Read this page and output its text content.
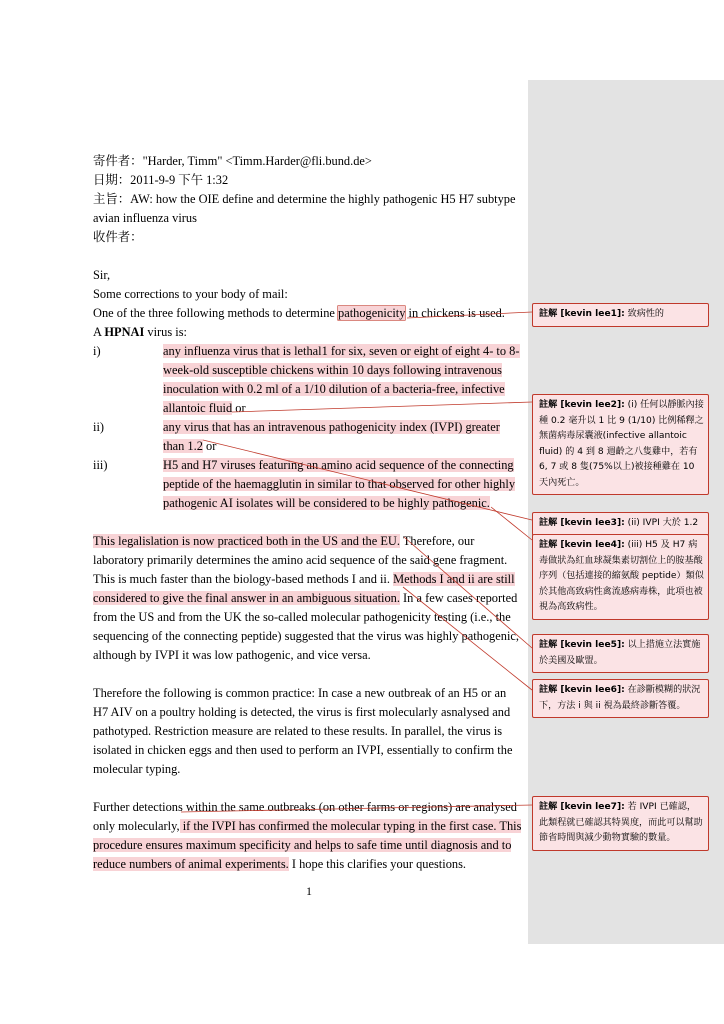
寄件者："Harder, Timm" <Timm.Harder@fli.bund.de>

日期：2011-9-9 下午 1:32

主旨：AW: how the OIE define and determine the highly pathogenic H5 H7 subtype avian influenza virus

收件者：

Sir,

Some corrections to your body of mail:

One of the three following methods to determine pathogenicity in chickens is used.

A HPNAI virus is:

i)	any influenza virus that is lethal1 for six, seven or eight of eight 4- to 8-week-old susceptible chickens within 10 days following intravenous inoculation with 0.2 ml of a 1/10 dilution of a bacteria-free, infective allantoic fluid or
ii)	any virus that has an intravenous pathogenicity index (IVPI) greater than 1.2 or
iii)	H5 and H7 viruses featuring an amino acid sequence of the connecting peptide of the haemagglutin in similar to that observed for other highly pathogenic AI isolates will be considered to be highly pathogenic.

This legalislation is now practiced both in the US and the EU. Therefore, our laboratory primarily determines the amino acid sequence of the said gene fragment. This is much faster than the biology-based methods I and ii. Methods I and ii are still considered to give the final answer in an ambiguous situation. In a few cases reported from the US and from the UK the so-called molecular pathogenicity testing (i.e., the sequencing of the connecting peptide) suggested that the virus was highly pathogenic, although by IVPI it was low pathogenic, and vice versa.

Therefore the following is common practice: In case a new outbreak of an H5 or an H7 AIV on a poultry holding is detected, the virus is first molecularly asnalysed and pathotyped. Restriction measure are related to these results. In parallel, the virus is isolated in chicken eggs and then used to perform an IVPI, essentially to confirm the molecular typing.

Further detections within the same outbreaks (on other farms or regions) are analysed only molecularly, if the IVPI has confirmed the molecular typing in the first case. This procedure ensures maximum specificity and helps to safe time until diagnosis and to reduce numbers of animal experiments. I hope this clarifies your questions.

1
註解 [kevin lee1]: 致病性的
註解 [kevin lee2]: (i) 任何以靜脈內接種 0.2 毫升以 1 比 9 (1/10) 比例稀釋之無菌病毒尿囊液(infective allantoic fluid) 的 4 到 8 週齡之八隻雞中，若有 6, 7 或 8 隻(75%以上)被接種雞在 10 天內死亡。
註解 [kevin lee3]: (ii) IVPI 大於 1.2
註解 [kevin lee4]: (iii) H5 及 H7 病毒做狀為紅血球凝集素切割位上的胺基酸序列（包括連接的縮氨酸 peptide）類似於其他高致病性禽流感病毒株，此項也被視為高致病性。
註解 [kevin lee5]: 以上措施立法實施於美國及歐盟。
註解 [kevin lee6]: 在診斷模糊的狀況下，方法 i 與 ii 視為最終診斷答覆。
註解 [kevin lee7]: 若 IVPI 已確認，此類程就已確認其特異度，而此可以幫助節省時間與減少動物實驗的數量。
